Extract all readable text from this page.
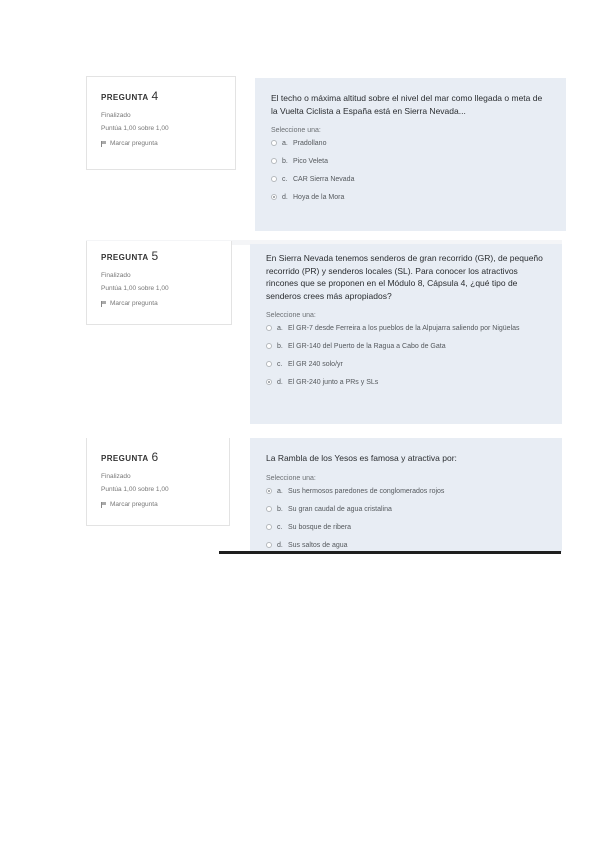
PREGUNTA 4
Finalizado
Puntúa 1,00 sobre 1,00
Marcar pregunta
El techo o máxima altitud sobre el nivel del mar como llegada o meta de la Vuelta Ciclista a España está en Sierra Nevada...
Seleccione una:
a. Pradollano
b. Pico Veleta
c. CAR Sierra Nevada
d. Hoya de la Mora
PREGUNTA 5
Finalizado
Puntúa 1,00 sobre 1,00
Marcar pregunta
En Sierra Nevada tenemos senderos de gran recorrido (GR), de pequeño recorrido (PR) y senderos locales (SL). Para conocer los atractivos rincones que se proponen en el Módulo 8, Cápsula 4, ¿qué tipo de senderos crees más apropiados?
Seleccione una:
a. El GR-7 desde Ferreira a los pueblos de la Alpujarra saliendo por Nigüelas
b. El GR-140 del Puerto de la Ragua a Cabo de Gata
c. El GR 240 solo/yr
d. El GR-240 junto a PRs y SLs
PREGUNTA 6
Finalizado
Puntúa 1,00 sobre 1,00
Marcar pregunta
La Rambla de los Yesos es famosa y atractiva por:
Seleccione una:
a. Sus hermosos paredones de conglomerados rojos
b. Su gran caudal de agua cristalina
c. Su bosque de ribera
d. Sus saltos de agua
